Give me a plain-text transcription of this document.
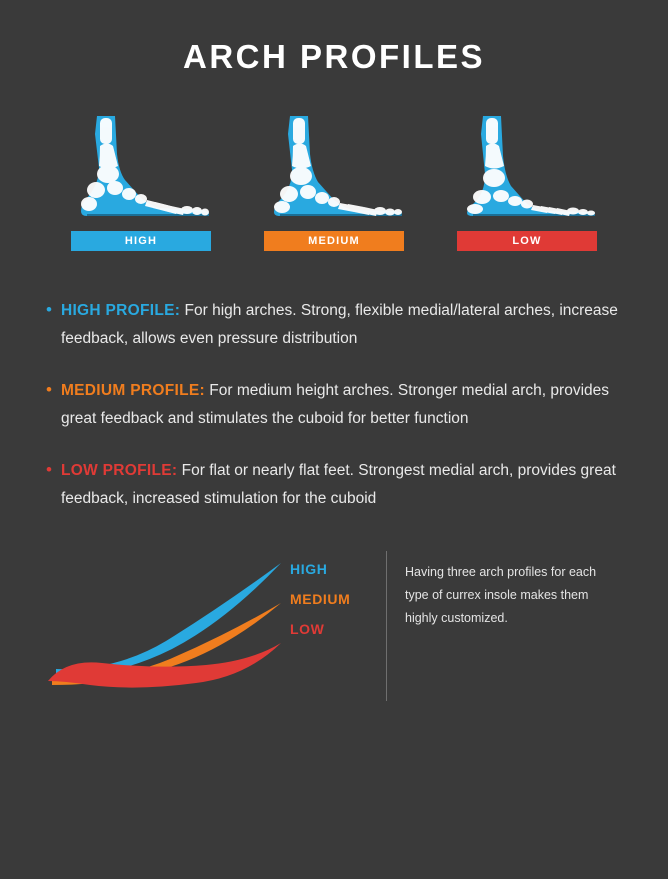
ARCH PROFILES
HIGH	MEDIUM	LOW
• HIGH PROFILE: For high arches. Strong, flexible medial/lateral arches, increase feedback, allows even pressure distribution
• MEDIUM PROFILE: For medium height arches. Stronger medial arch, provides great feedback and stimulates the cuboid for better function
• LOW PROFILE: For flat or nearly flat feet. Strongest medial arch, provides great feedback, increased stimulation for the cuboid
HIGH
MEDIUM
LOW
Having three arch profiles for each type of currex insole makes them highly customized.
